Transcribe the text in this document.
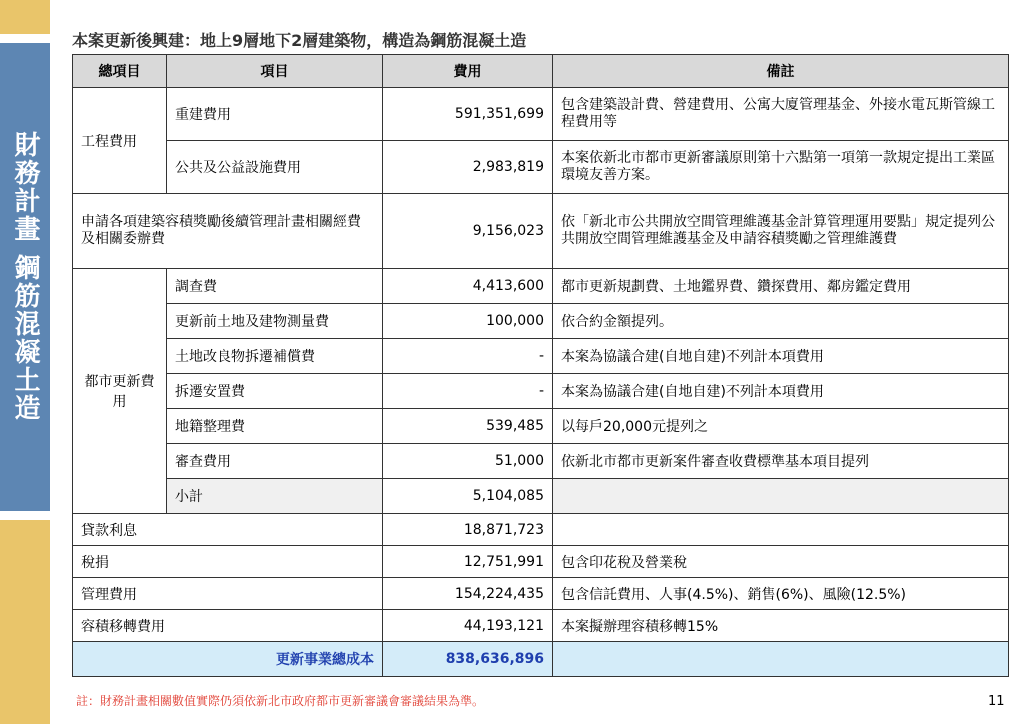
財務計畫 鋼筋混凝土造
本案更新後興建：地上9層地下2層建築物，構造為鋼筋混凝土造
總項目	項目	費用	備註
工程費用	重建費用	591,351,699	包含建築設計費、營建費用、公寓大廈管理基金、外接水電瓦斯管線工程費用等
	公共及公益設施費用	2,983,819	本案依新北市都市更新審議原則第十六點第一項第一款規定提出工業區環境友善方案。
申請各項建築容積獎勵後續管理計畫相關經費及相關委辦費		9,156,023	依「新北市公共開放空間管理維護基金計算管理運用要點」規定提列公共開放空間管理維護基金及申請容積獎勵之管理維護費
都市更新費用	調查費	4,413,600	都市更新規劃費、土地鑑界費、鑽探費用、鄰房鑑定費用
	更新前土地及建物測量費	100,000	依合約金額提列。
	土地改良物拆遷補償費	-	本案為協議合建(自地自建)不列計本項費用
	拆遷安置費	-	本案為協議合建(自地自建)不列計本項費用
	地籍整理費	539,485	以每戶20,000元提列之
	審查費用	51,000	依新北市都市更新案件審查收費標準基本項目提列
	小計	5,104,085	
貸款利息		18,871,723	
稅捐		12,751,991	包含印花稅及營業稅
管理費用		154,224,435	包含信託費用、人事(4.5%)、銷售(6%)、風險(12.5%)
容積移轉費用		44,193,121	本案擬辦理容積移轉15%
更新事業總成本		838,636,896	
註：財務計畫相關數值實際仍須依新北市政府都市更新審議會審議結果為準。	11
